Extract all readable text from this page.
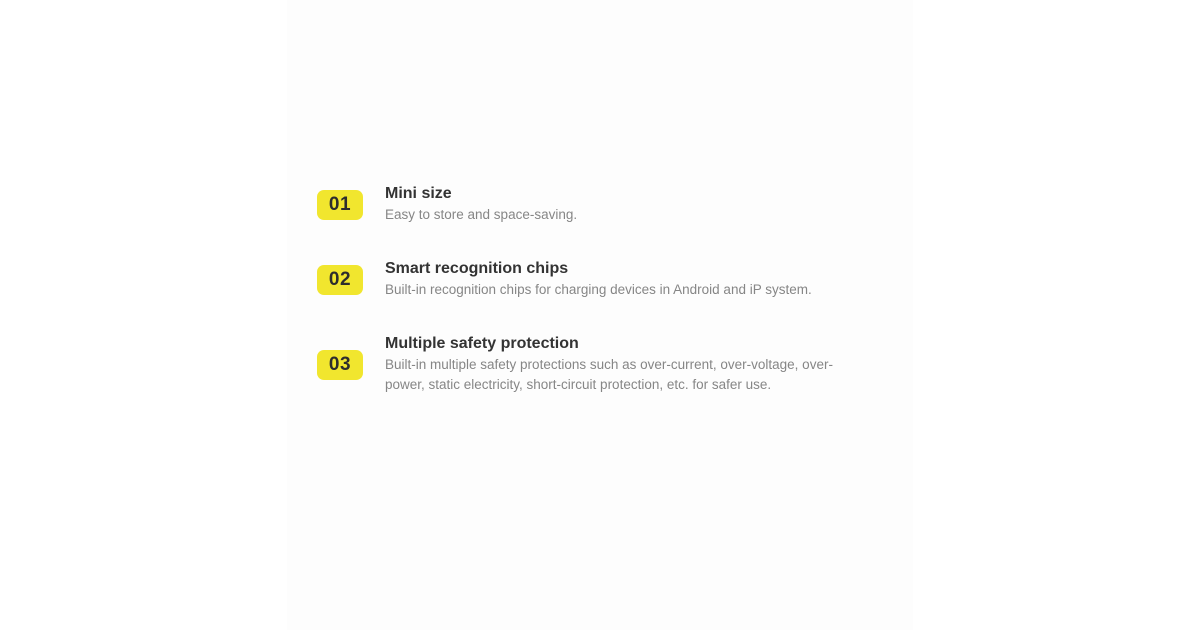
01
Mini size
Easy to store and space-saving.
02
Smart recognition chips
Built-in recognition chips for charging devices in Android and iP system.
03
Multiple safety protection
Built-in multiple safety protections such as over-current, over-voltage, over-power, static electricity, short-circuit protection, etc. for safer use.
